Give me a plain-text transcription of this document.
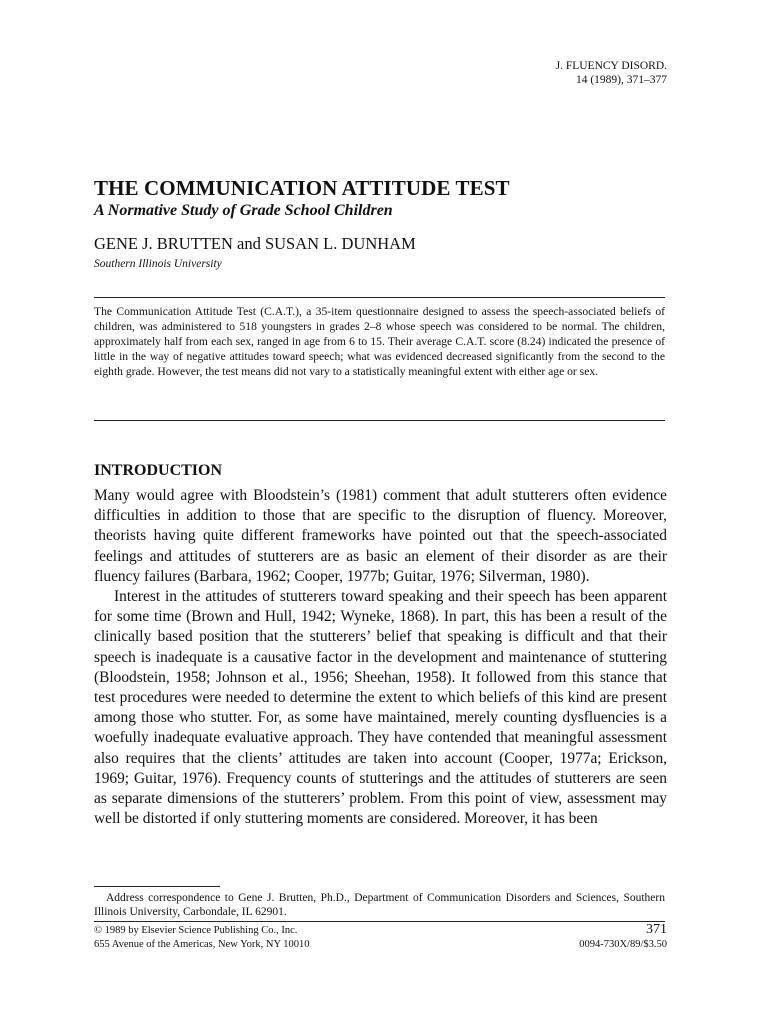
J. FLUENCY DISORD.
14 (1989), 371–377
THE COMMUNICATION ATTITUDE TEST
A Normative Study of Grade School Children
GENE J. BRUTTEN and SUSAN L. DUNHAM
Southern Illinois University

The Communication Attitude Test (C.A.T.), a 35-item questionnaire designed to assess the speech-associated beliefs of children, was administered to 518 youngsters in grades 2–8 whose speech was considered to be normal. The children, approximately half from each sex, ranged in age from 6 to 15. Their average C.A.T. score (8.24) indicated the presence of little in the way of negative attitudes toward speech; what was evidenced decreased significantly from the second to the eighth grade. However, the test means did not vary to a statistically meaningful extent with either age or sex.

INTRODUCTION

Many would agree with Bloodstein’s (1981) comment that adult stutterers often evidence difficulties in addition to those that are specific to the disruption of fluency. Moreover, theorists having quite different frameworks have pointed out that the speech-associated feelings and attitudes of stutterers are as basic an element of their disorder as are their fluency failures (Barbara, 1962; Cooper, 1977b; Guitar, 1976; Silverman, 1980).

Interest in the attitudes of stutterers toward speaking and their speech has been apparent for some time (Brown and Hull, 1942; Wyneke, 1868). In part, this has been a result of the clinically based position that the stutterers’ belief that speaking is difficult and that their speech is inadequate is a causative factor in the development and maintenance of stuttering (Bloodstein, 1958; Johnson et al., 1956; Sheehan, 1958). It followed from this stance that test procedures were needed to determine the extent to which beliefs of this kind are present among those who stutter. For, as some have maintained, merely counting dysfluencies is a woefully inadequate evaluative approach. They have contended that meaningful assessment also requires that the clients’ attitudes are taken into account (Cooper, 1977a; Erickson, 1969; Guitar, 1976). Frequency counts of stutterings and the attitudes of stutterers are seen as separate dimensions of the stutterers’ problem. From this point of view, assessment may well be distorted if only stuttering moments are considered. Moreover, it has been

Address correspondence to Gene J. Brutten, Ph.D., Department of Communication Disorders and Sciences, Southern Illinois University, Carbondale, IL 62901.

© 1989 by Elsevier Science Publishing Co., Inc.
655 Avenue of the Americas, New York, NY 10010
371
0094-730X/89/$3.50
